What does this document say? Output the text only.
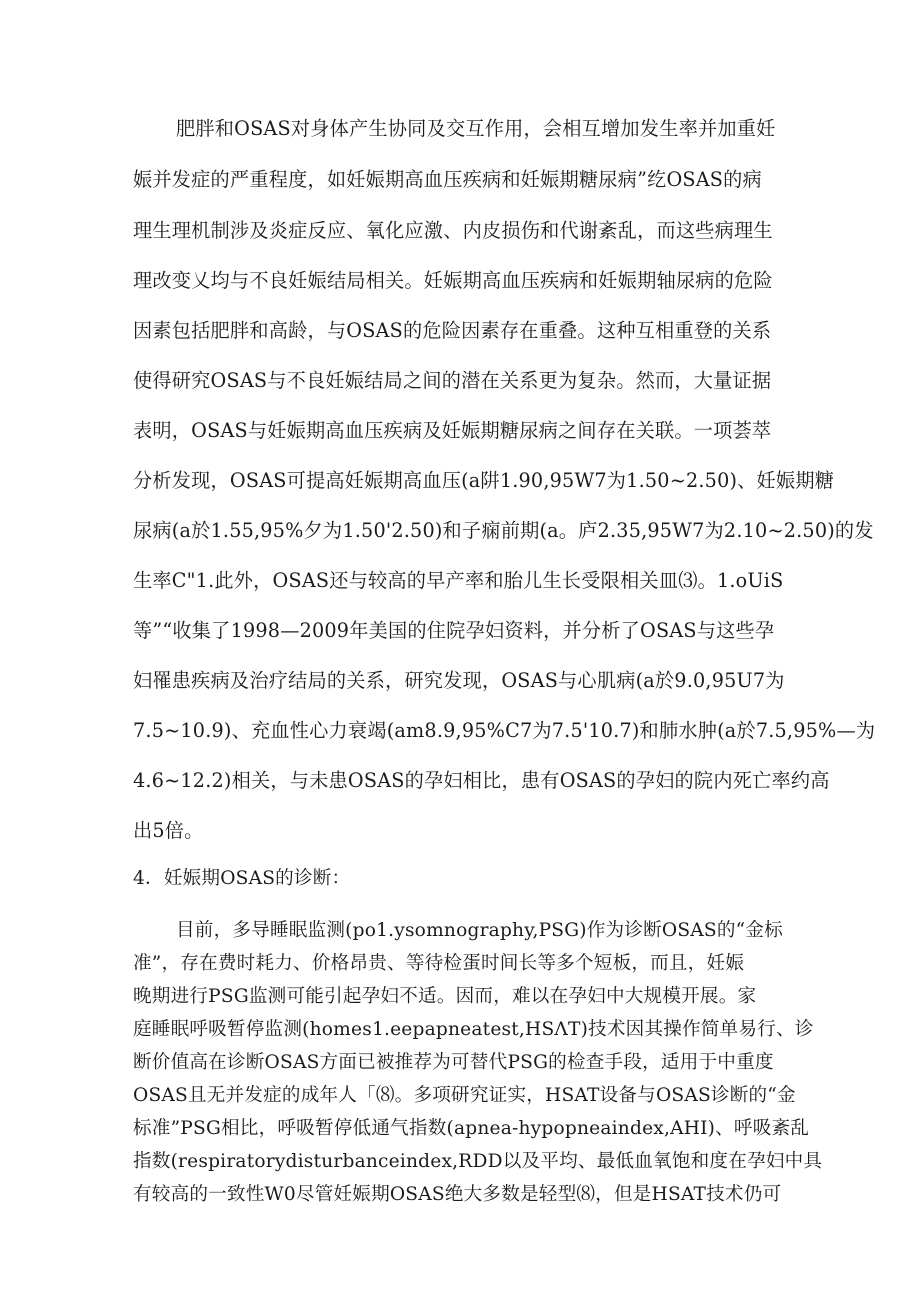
肥胖和OSAS对身体产生协同及交互作用，会相互增加发生率并加重妊
娠并发症的严重程度，如妊娠期高血压疾病和妊娠期糖尿病”纥OSAS的病
理生理机制涉及炎症反应、氧化应激、内皮损伤和代谢紊乱，而这些病理生
理改变乂均与不良妊娠结局相关。妊娠期高血压疾病和妊娠期轴尿病的危险
因素包括肥胖和高龄，与OSAS的危险因素存在重叠。这种互相重登的关系
使得研究OSAS与不良妊娠结局之间的潜在关系更为复杂。然而，大量证据
表明，OSAS与妊娠期高血压疾病及妊娠期糖尿病之间存在关联。一项荟萃
分析发现，OSAS可提高妊娠期高血压(a阱1.90,95W7为1.50~2.50)、妊娠期糖
尿病(a於1.55,95%夕为1.50'2.50)和子痫前期(a。庐2.35,95W7为2.10~2.50)的发
生率C"1.此外，OSAS还与较高的早产率和胎儿生长受限相关皿⑶。1.oUiS
等”“收集了1998—2009年美国的住院孕妇资料，并分析了OSAS与这些孕
妇罹患疾病及治疗结局的关系，研究发现，OSAS与心肌病(a於9.0,95U7为
7.5~10.9)、充血性心力衰竭(am8.9,95%C7为7.5'10.7)和肺水肿(a於7.5,95%—为
4.6~12.2)相关，与未患OSAS的孕妇相比，患有OSAS的孕妇的院内死亡率约高
出5倍。
4．妊娠期OSAS的诊断：
目前，多导睡眠监测(po1.ysomnography,PSG)作为诊断OSAS的“金标
准”，存在费时耗力、价格昂贵、等待检蛋时间长等多个短板，而且，妊娠
晚期进行PSG监测可能引起孕妇不适。因而，难以在孕妇中大规模开展。家
庭睡眠呼吸暂停监测(homes1.eepapneatest,HSΛT)技术因其操作简单易行、诊
断价值高在诊断OSAS方面已被推荐为可替代PSG的检查手段，适用于中重度
OSAS且无并发症的成年人「⑻。多项研究证实，HSAT设备与OSAS诊断的“金
标准”PSG相比，呼吸暂停低通气指数(apnea-hypopneaindex,AHI)、呼吸紊乱
指数(respiratorydisturbanceindex,RDD以及平均、最低血氧饱和度在孕妇中具
有较高的一致性W0尽管妊娠期OSAS绝大多数是轻型⑻，但是HSAT技术仍可
